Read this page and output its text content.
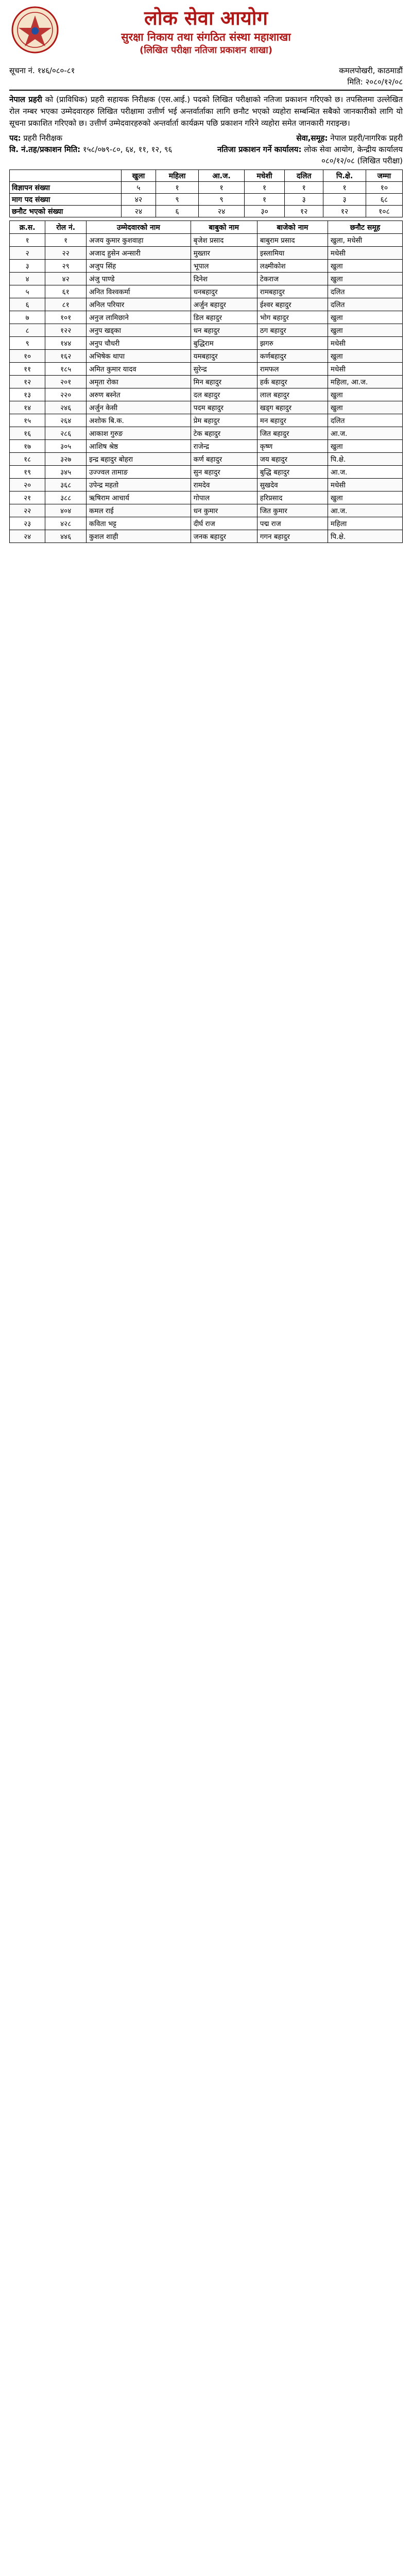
लोक सेवा आयोग
सुरक्षा निकाय तथा संगठित संस्था महाशाखा
(लिखित परीक्षा नतिजा प्रकाशन शाखा)
सूचना नं. १४६/०८०-८१	कमलपोखरी, काठमाडौं
मिति: २०८०/१२/०८

नेपाल प्रहरी को (प्राविधिक) प्रहरी सहायक निरीक्षक (एस.आई.) पदको लिखित परीक्षाको नतिजा प्रकाशन गरिएको छ। तपसिलमा उल्लेखित रोल नम्बर भएका उम्मेदवारहरु लिखित परीक्षामा उत्तीर्ण भई अन्तर्वार्ताका लागि छनौट भएको व्यहोरा सम्बन्धित सबैको जानकारीको लागि यो सूचना प्रकाशित गरिएको छ। उत्तीर्ण उम्मेदवारहरुको अन्तर्वार्ता कार्यक्रम पछि प्रकाशन गरिने व्यहोरा समेत जानकारी गराइन्छ।

पद: प्रहरी निरीक्षक	सेवा,समूह: नेपाल प्रहरी/नागरिक प्रहरी
वि. नं.तह/प्रकाशन मिति: १५८/०७९-८०, ६४, ११, १२, ९६	नतिजा प्रकाशन गर्ने कार्यालय: लोक सेवा आयोग, केन्द्रीय कार्यालय
०८०/१२/०८ (लिखित परीक्षा)
	खुला	महिला	आ.ज.	मधेशी	दलित	पि.क्षे.	जम्मा
विज्ञापन संख्या	५	१	१	१	१	१	१०
माग पद संख्या	४२	९	९	१	३	३	६८
छनौट भएको संख्या	२४	६	२४	३०	१२	१२	१०८
क्र.स.	रोल नं.	उम्मेदवारको नाम	बाबुको नाम	बाजेको नाम	छनौट समूह
१	१	अजय कुमार कुशवाहा	बृजेश प्रसाद	बाबुराम प्रसाद	खुला, मधेसी
२	२२	अजाद हुसेन अन्सारी	मुख्तार	इस्लामिया	मधेसी
३	२९	अजुप सिंह	भूपाल	लक्ष्मीकोश	खुला
४	४२	अंजु पाण्डे	दिनेश	टेकराज	खुला
५	६१	अनित विश्वकर्मा	धनबहादुर	रामबहादुर	दलित
६	८१	अनिल परियार	अर्जुन बहादुर	ईश्वर बहादुर	दलित
७	१०१	अनुज लामिछाने	डिल बहादुर	भोग बहादुर	खुला
८	१२२	अनुप खड्का	धन बहादुर	ठग बहादुर	खुला
९	१४४	अनुप चौधरी	बुद्धिराम	झगरु	मधेसी
१०	१६२	अभिषेक थापा	यमबहादुर	कर्णबहादुर	खुला
११	१८५	अमित कुमार यादव	सुरेन्द्र	रामफल	मधेसी
१२	२०१	अमृता रोका	मिन बहादुर	हर्क बहादुर	महिला, आ.ज.
१३	२२०	अरुण बस्नेत	दल बहादुर	लाल बहादुर	खुला
१४	२४६	अर्जुन केसी	पदम बहादुर	खड्ग बहादुर	खुला
१५	२६४	अशोक बि.क.	प्रेम बहादुर	मन बहादुर	दलित
१६	२८६	आकाश गुरुङ	टेक बहादुर	जित बहादुर	आ.ज.
१७	३०५	आशिष श्रेष्ठ	राजेन्द्र	कृष्ण	खुला
१८	३२७	इन्द्र बहादुर बोहरा	कर्ण बहादुर	जय बहादुर	पि.क्षे.
१९	३४५	उज्ज्वल तामाङ	सुन बहादुर	बुद्धि बहादुर	आ.ज.
२०	३६८	उपेन्द्र महतो	रामदेव	सुखदेव	मधेसी
२१	३८८	ऋषिराम आचार्य	गोपाल	हरिप्रसाद	खुला
२२	४०४	कमल राई	धन कुमार	जित कुमार	आ.ज.
२३	४२८	कविता भट्ट	दीर्घ राज	पद्म राज	महिला
२४	४४६	कुशल शाही	जनक बहादुर	गगन बहादुर	पि.क्षे.
